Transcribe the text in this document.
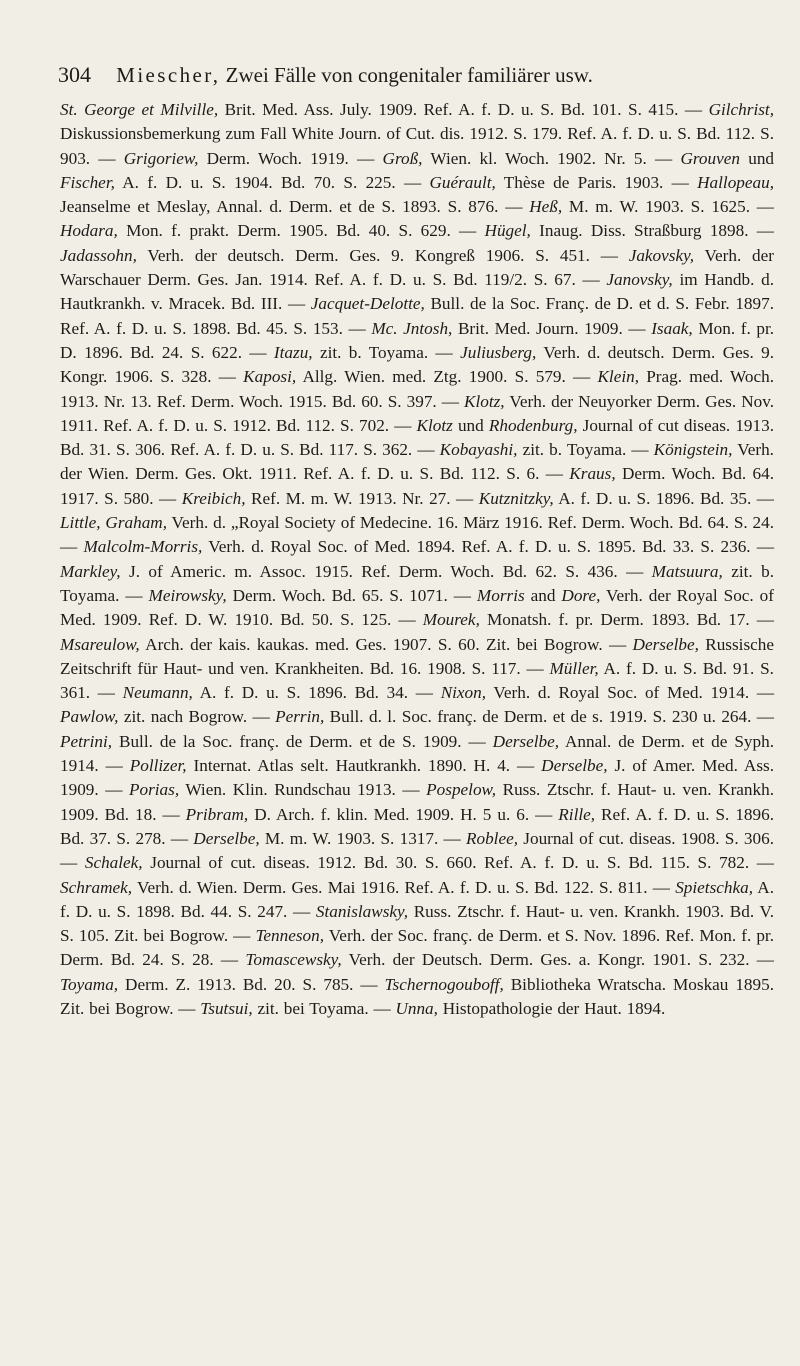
304 Miescher, Zwei Fälle von congenitaler familiärer usw.
St. George et Milville, Brit. Med. Ass. July. 1909. Ref. A. f. D. u. S. Bd. 101. S. 415. — Gilchrist, Diskussionsbemerkung zum Fall White Journ. of Cut. dis. 1912. S. 179. Ref. A. f. D. u. S. Bd. 112. S. 903. — Grigoriew, Derm. Woch. 1919. — Groß, Wien. kl. Woch. 1902. Nr. 5. — Grouven und Fischer, A. f. D. u. S. 1904. Bd. 70. S. 225. — Guérault, Thèse de Paris. 1903. — Hallopeau, Jeanselme et Meslay, Annal. d. Derm. et de S. 1893. S. 876. — Heß, M. m. W. 1903. S. 1625. — Hodara, Mon. f. prakt. Derm. 1905. Bd. 40. S. 629. — Hügel, Inaug. Diss. Straßburg 1898. — Jadassohn, Verh. der deutsch. Derm. Ges. 9. Kongreß 1906. S. 451. — Jakovsky, Verh. der Warschauer Derm. Ges. Jan. 1914. Ref. A. f. D. u. S. Bd. 119/2. S. 67. — Janovsky, im Handb. d. Hautkrankh. v. Mracek. Bd. III. — Jacquet-Delotte, Bull. de la Soc. Franç. de D. et d. S. Febr. 1897. Ref. A. f. D. u. S. 1898. Bd. 45. S. 153. — Mc. Jntosh, Brit. Med. Journ. 1909. — Isaak, Mon. f. pr. D. 1896. Bd. 24. S. 622. — Itazu, zit. b. Toyama. — Juliusberg, Verh. d. deutsch. Derm. Ges. 9. Kongr. 1906. S. 328. — Kaposi, Allg. Wien. med. Ztg. 1900. S. 579. — Klein, Prag. med. Woch. 1913. Nr. 13. Ref. Derm. Woch. 1915. Bd. 60. S. 397. — Klotz, Verh. der Neuyorker Derm. Ges. Nov. 1911. Ref. A. f. D. u. S. 1912. Bd. 112. S. 702. — Klotz und Rhodenburg, Journal of cut diseas. 1913. Bd. 31. S. 306. Ref. A. f. D. u. S. Bd. 117. S. 362. — Kobayashi, zit. b. Toyama. — Königstein, Verh. der Wien. Derm. Ges. Okt. 1911. Ref. A. f. D. u. S. Bd. 112. S. 6. — Kraus, Derm. Woch. Bd. 64. 1917. S. 580. — Kreibich, Ref. M. m. W. 1913. Nr. 27. — Kutznitzky, A. f. D. u. S. 1896. Bd. 35. — Little, Graham, Verh. d. „Royal Society of Medecine. 16. März 1916. Ref. Derm. Woch. Bd. 64. S. 24. — Malcolm-Morris, Verh. d. Royal Soc. of Med. 1894. Ref. A. f. D. u. S. 1895. Bd. 33. S. 236. — Markley, J. of Americ. m. Assoc. 1915. Ref. Derm. Woch. Bd. 62. S. 436. — Matsuura, zit. b. Toyama. — Meirowsky, Derm. Woch. Bd. 65. S. 1071. — Morris and Dore, Verh. der Royal Soc. of Med. 1909. Ref. D. W. 1910. Bd. 50. S. 125. — Mourek, Monatsh. f. pr. Derm. 1893. Bd. 17. — Msareulow, Arch. der kais. kaukas. med. Ges. 1907. S. 60. Zit. bei Bogrow. — Derselbe, Russische Zeitschrift für Haut- und ven. Krankheiten. Bd. 16. 1908. S. 117. — Müller, A. f. D. u. S. Bd. 91. S. 361. — Neumann, A. f. D. u. S. 1896. Bd. 34. — Nixon, Verh. d. Royal Soc. of Med. 1914. — Pawlow, zit. nach Bogrow. — Perrin, Bull. d. l. Soc. franç. de Derm. et de s. 1919. S. 230 u. 264. — Petrini, Bull. de la Soc. franç. de Derm. et de S. 1909. — Derselbe, Annal. de Derm. et de Syph. 1914. — Pollizer, Internat. Atlas selt. Hautkrankh. 1890. H. 4. — Derselbe, J. of Amer. Med. Ass. 1909. — Porias, Wien. Klin. Rundschau 1913. — Pospelow, Russ. Ztschr. f. Haut- u. ven. Krankh. 1909. Bd. 18. — Pribram, D. Arch. f. klin. Med. 1909. H. 5 u. 6. — Rille, Ref. A. f. D. u. S. 1896. Bd. 37. S. 278. — Derselbe, M. m. W. 1903. S. 1317. — Roblee, Journal of cut. diseas. 1908. S. 306. — Schalek, Journal of cut. diseas. 1912. Bd. 30. S. 660. Ref. A. f. D. u. S. Bd. 115. S. 782. — Schramek, Verh. d. Wien. Derm. Ges. Mai 1916. Ref. A. f. D. u. S. Bd. 122. S. 811. — Spietschka, A. f. D. u. S. 1898. Bd. 44. S. 247. — Stanislawsky, Russ. Ztschr. f. Haut- u. ven. Krankh. 1903. Bd. V. S. 105. Zit. bei Bogrow. — Tenneson, Verh. der Soc. franç. de Derm. et S. Nov. 1896. Ref. Mon. f. pr. Derm. Bd. 24. S. 28. — Tomascewsky, Verh. der Deutsch. Derm. Ges. a. Kongr. 1901. S. 232. — Toyama, Derm. Z. 1913. Bd. 20. S. 785. — Tschernogouboff, Bibliotheka Wratscha. Moskau 1895. Zit. bei Bogrow. — Tsutsui, zit. bei Toyama. — Unna, Histopathologie der Haut. 1894.
